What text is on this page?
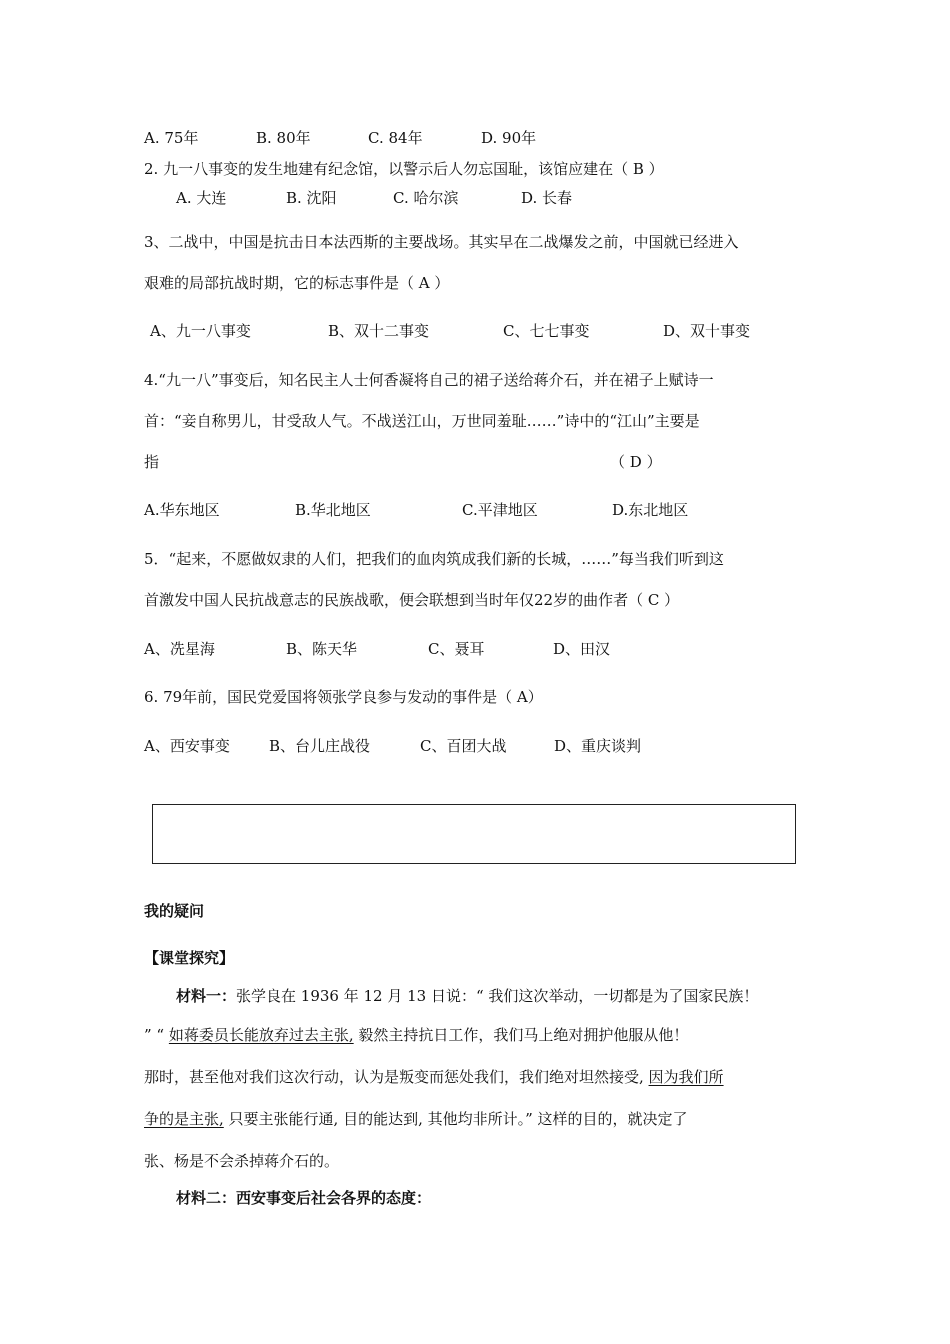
A. 75年	B. 80年	C. 84年	D. 90年
2. 九一八事变的发生地建有纪念馆，以警示后人勿忘国耻，该馆应建在（ B ）
A. 大连	B. 沈阳	C. 哈尔滨	D. 长春
3、二战中，中国是抗击日本法西斯的主要战场。其实早在二战爆发之前，中国就已经进入
艰难的局部抗战时期，它的标志事件是（ A ）
A、九一八事变	B、双十二事变	C、七七事变	D、双十事变
4.“九一八”事变后，知名民主人士何香凝将自己的裙子送给蒋介石，并在裙子上赋诗一
首：“妾自称男儿，甘受敌人气。不战送江山，万世同羞耻……”诗中的“江山”主要是
指	（ D ）
A.华东地区	B.华北地区	C.平津地区	D.东北地区
5．“起来，不愿做奴隶的人们，把我们的血肉筑成我们新的长城，……”每当我们听到这
首激发中国人民抗战意志的民族战歌，便会联想到当时年仅22岁的曲作者（ C ）
A、冼星海	B、陈天华	C、聂耳	D、田汉
6. 79年前，国民党爱国将领张学良参与发动的事件是（ A）
A、西安事变	B、台儿庄战役	C、百团大战	D、重庆谈判
我的疑问
【课堂探究】
材料一：张学良在 1936 年 12 月 13 日说：“ 我们这次举动，一切都是为了国家民族！
” “ 如蒋委员长能放弃过去主张, 毅然主持抗日工作，我们马上绝对拥护他服从他！
那时，甚至他对我们这次行动，认为是叛变而惩处我们，我们绝对坦然接受, 因为我们所
争的是主张, 只要主张能行通, 目的能达到, 其他均非所计。” 这样的目的，就决定了
张、杨是不会杀掉蒋介石的。
材料二：西安事变后社会各界的态度：
